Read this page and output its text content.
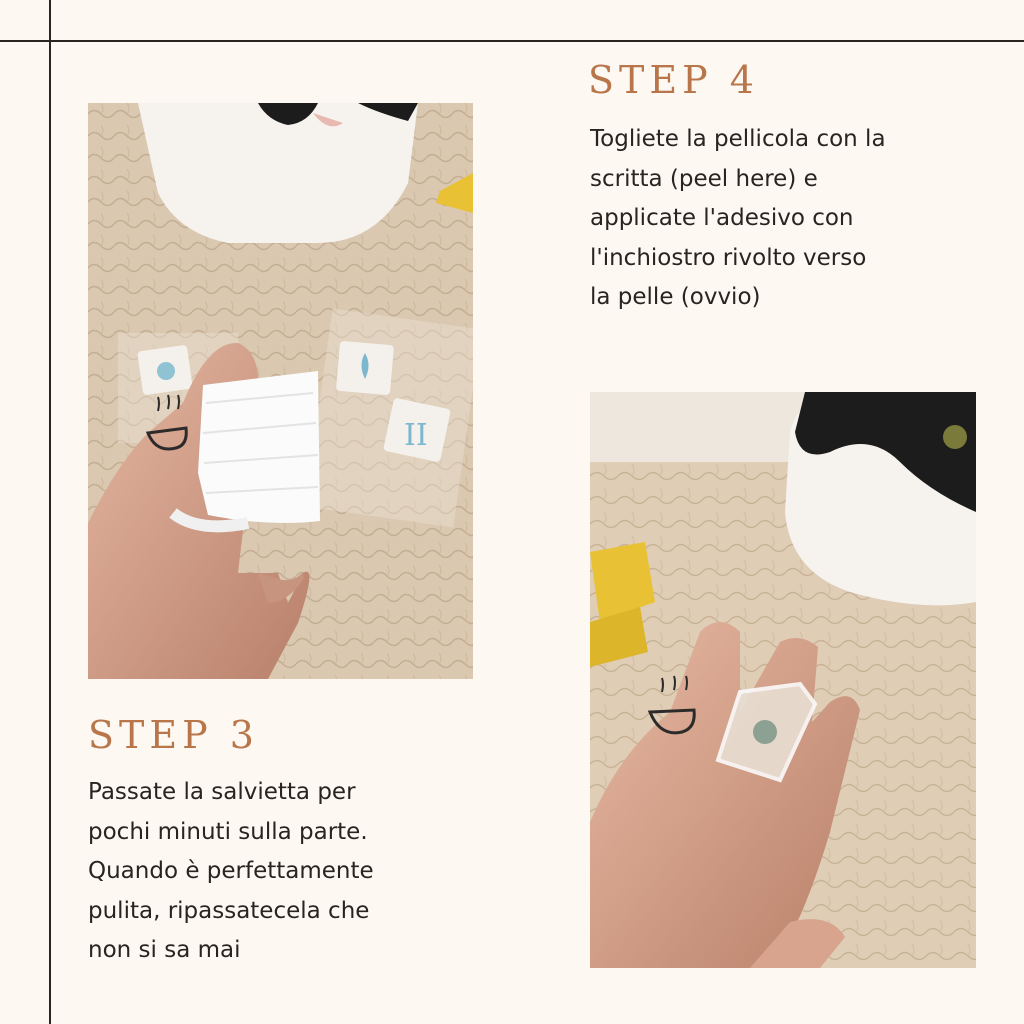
II
STEP 4

Togliete la pellicola con la scritta (peel here) e applicate l'adesivo con l'inchiostro rivolto verso la pelle (ovvio)

STEP 3

Passate la salvietta per pochi minuti sulla parte. Quando è perfettamente pulita, ripassatecela che non si sa mai
